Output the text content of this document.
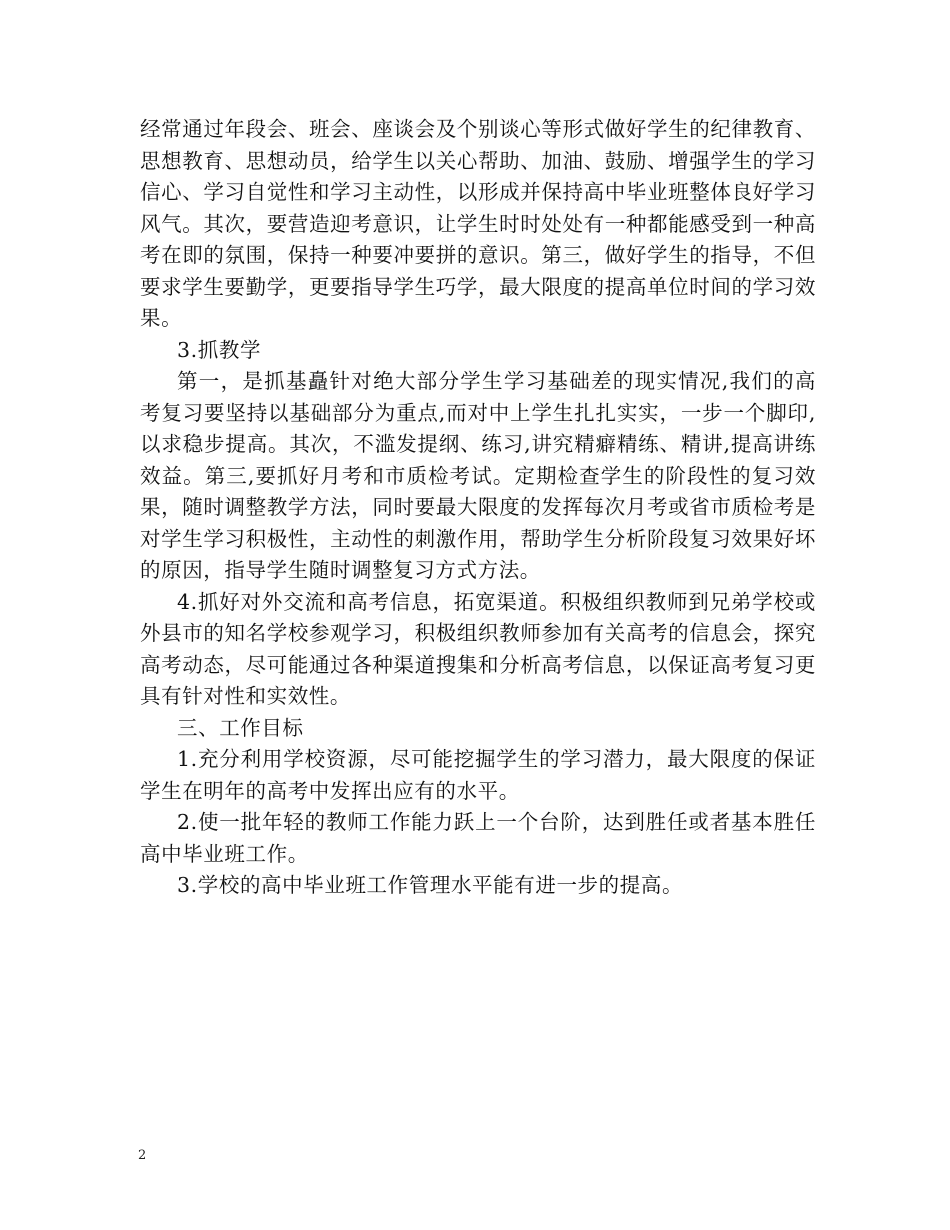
经常通过年段会、班会、座谈会及个别谈心等形式做好学生的纪律教育、思想教育、思想动员，给学生以关心帮助、加油、鼓励、增强学生的学习信心、学习自觉性和学习主动性，以形成并保持高中毕业班整体良好学习风气。其次，要营造迎考意识，让学生时时处处有一种都能感受到一种高考在即的氛围，保持一种要冲要拼的意识。第三，做好学生的指导，不但要求学生要勤学，更要指导学生巧学，最大限度的提高单位时间的学习效果。

3.抓教学

第一，是抓基矗针对绝大部分学生学习基础差的现实情况,我们的高考复习要坚持以基础部分为重点,而对中上学生扎扎实实，一步一个脚印,以求稳步提高。其次，不滥发提纲、练习,讲究精癖精练、精讲,提高讲练效益。第三,要抓好月考和市质检考试。定期检查学生的阶段性的复习效果，随时调整教学方法，同时要最大限度的发挥每次月考或省市质检考是对学生学习积极性，主动性的刺激作用，帮助学生分析阶段复习效果好坏的原因，指导学生随时调整复习方式方法。

4.抓好对外交流和高考信息，拓宽渠道。积极组织教师到兄弟学校或外县市的知名学校参观学习，积极组织教师参加有关高考的信息会，探究高考动态，尽可能通过各种渠道搜集和分析高考信息，以保证高考复习更具有针对性和实效性。

三、工作目标

1.充分利用学校资源，尽可能挖掘学生的学习潜力，最大限度的保证学生在明年的高考中发挥出应有的水平。

2.使一批年轻的教师工作能力跃上一个台阶，达到胜任或者基本胜任高中毕业班工作。

3.学校的高中毕业班工作管理水平能有进一步的提高。

2
